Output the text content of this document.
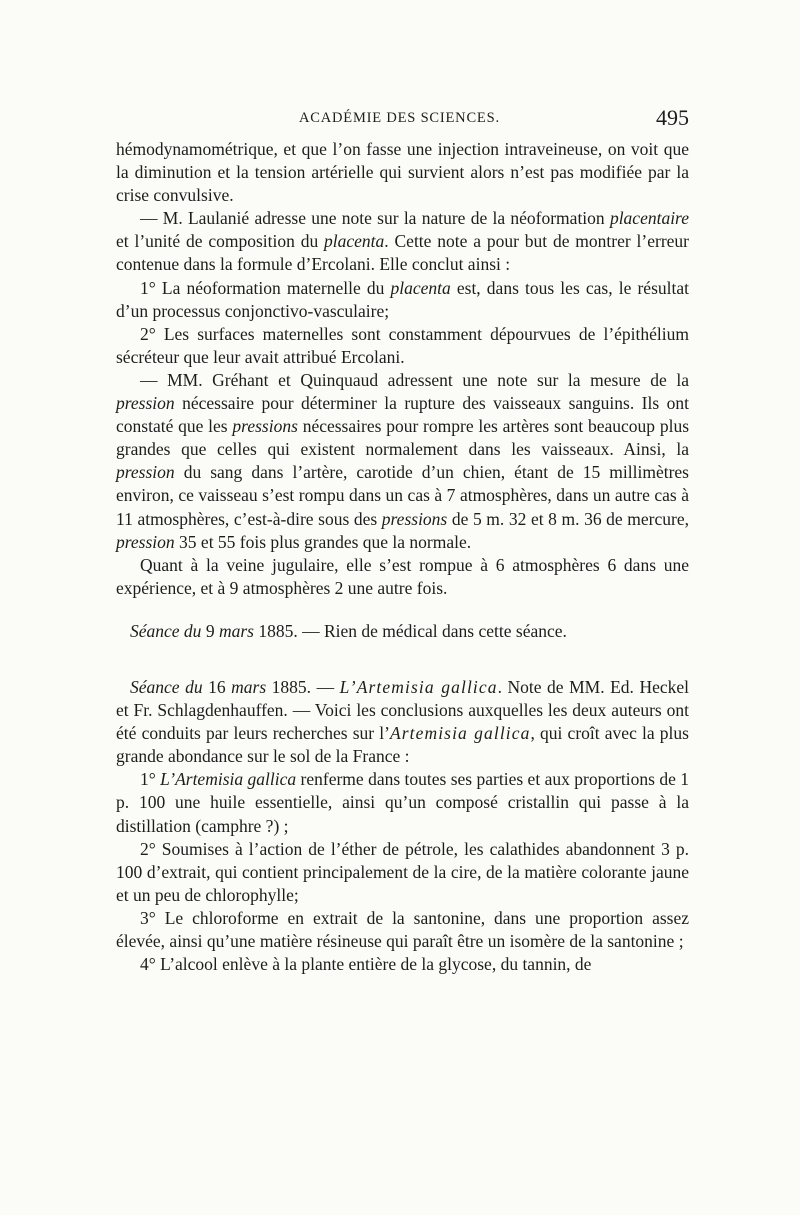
ACADÉMIE DES SCIENCES.	495

hémodynamométrique, et que l’on fasse une injection intraveineuse, on voit que la diminution et la tension artérielle qui survient alors n’est pas modifiée par la crise convulsive.

— M. Laulanié adresse une note sur la nature de la néoformation placentaire et l’unité de composition du placenta. Cette note a pour but de montrer l’erreur contenue dans la formule d’Ercolani. Elle conclut ainsi :

1° La néoformation maternelle du placenta est, dans tous les cas, le résultat d’un processus conjonctivo-vasculaire;

2° Les surfaces maternelles sont constamment dépourvues de l’épithélium sécréteur que leur avait attribué Ercolani.

— MM. Gréhant et Quinquaud adressent une note sur la mesure de la pression nécessaire pour déterminer la rupture des vaisseaux sanguins. Ils ont constaté que les pressions nécessaires pour rompre les artères sont beaucoup plus grandes que celles qui existent normalement dans les vaisseaux. Ainsi, la pression du sang dans l’artère, carotide d’un chien, étant de 15 millimètres environ, ce vaisseau s’est rompu dans un cas à 7 atmosphères, dans un autre cas à 11 atmosphères, c’est-à-dire sous des pressions de 5 m. 32 et 8 m. 36 de mercure, pression 35 et 55 fois plus grandes que la normale.

Quant à la veine jugulaire, elle s’est rompue à 6 atmosphères 6 dans une expérience, et à 9 atmosphères 2 une autre fois.

Séance du 9 mars 1885. — Rien de médical dans cette séance.

Séance du 16 mars 1885. — L’Artemisia gallica. Note de MM. Ed. Heckel et Fr. Schlagdenhauffen. — Voici les conclusions auxquelles les deux auteurs ont été conduits par leurs recherches sur l’Artemisia gallica, qui croît avec la plus grande abondance sur le sol de la France :

1° L’Artemisia gallica renferme dans toutes ses parties et aux proportions de 1 p. 100 une huile essentielle, ainsi qu’un composé cristallin qui passe à la distillation (camphre ?) ;

2° Soumises à l’action de l’éther de pétrole, les calathides abandonnent 3 p. 100 d’extrait, qui contient principalement de la cire, de la matière colorante jaune et un peu de chlorophylle;

3° Le chloroforme en extrait de la santonine, dans une proportion assez élevée, ainsi qu’une matière résineuse qui paraît être un isomère de la santonine ;

4° L’alcool enlève à la plante entière de la glycose, du tannin, de
